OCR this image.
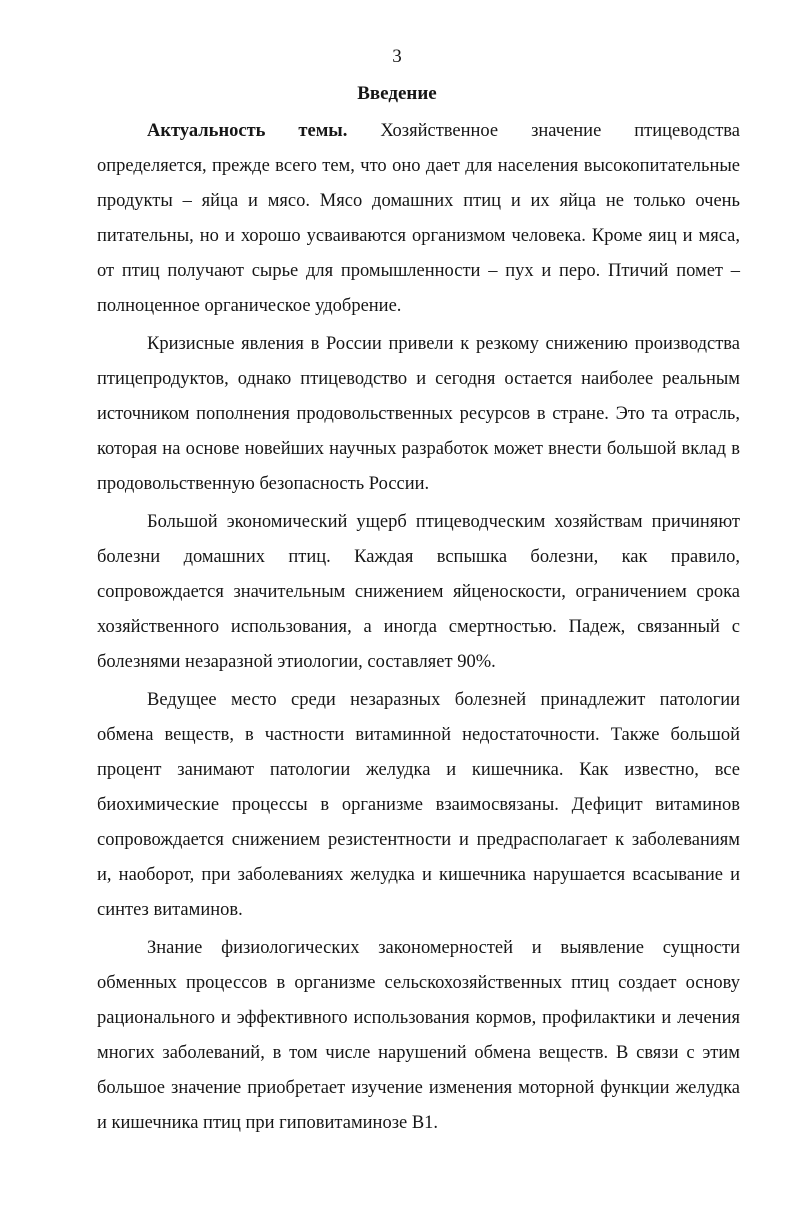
3

Введение

Актуальность темы. Хозяйственное значение птицеводства определяется, прежде всего тем, что оно дает для населения высокопитательные продукты – яйца и мясо. Мясо домашних птиц и их яйца не только очень питательны, но и хорошо усваиваются организмом человека. Кроме яиц и мяса, от птиц получают сырье для промышленности – пух и перо. Птичий помет – полноценное органическое удобрение.

Кризисные явления в России привели к резкому снижению производства птицепродуктов, однако птицеводство и сегодня остается наиболее реальным источником пополнения продовольственных ресурсов в стране. Это та отрасль, которая на основе новейших научных разработок может внести большой вклад в продовольственную безопасность России.

Большой экономический ущерб птицеводческим хозяйствам причиняют болезни домашних птиц. Каждая вспышка болезни, как правило, сопровождается значительным снижением яйценоскости, ограничением срока хозяйственного использования, а иногда смертностью. Падеж, связанный с болезнями незаразной этиологии, составляет 90%.

Ведущее место среди незаразных болезней принадлежит патологии обмена веществ, в частности витаминной недостаточности. Также большой процент занимают патологии желудка и кишечника. Как известно, все биохимические процессы в организме взаимосвязаны. Дефицит витаминов сопровождается снижением резистентности и предрасполагает к заболеваниям и, наоборот, при заболеваниях желудка и кишечника нарушается всасывание и синтез витаминов.

Знание физиологических закономерностей и выявление сущности обменных процессов в организме сельскохозяйственных птиц создает основу рационального и эффективного использования кормов, профилактики и лечения многих заболеваний, в том числе нарушений обмена веществ. В связи с этим большое значение приобретает изучение изменения моторной функции желудка и кишечника птиц при гиповитаминозе В1.
